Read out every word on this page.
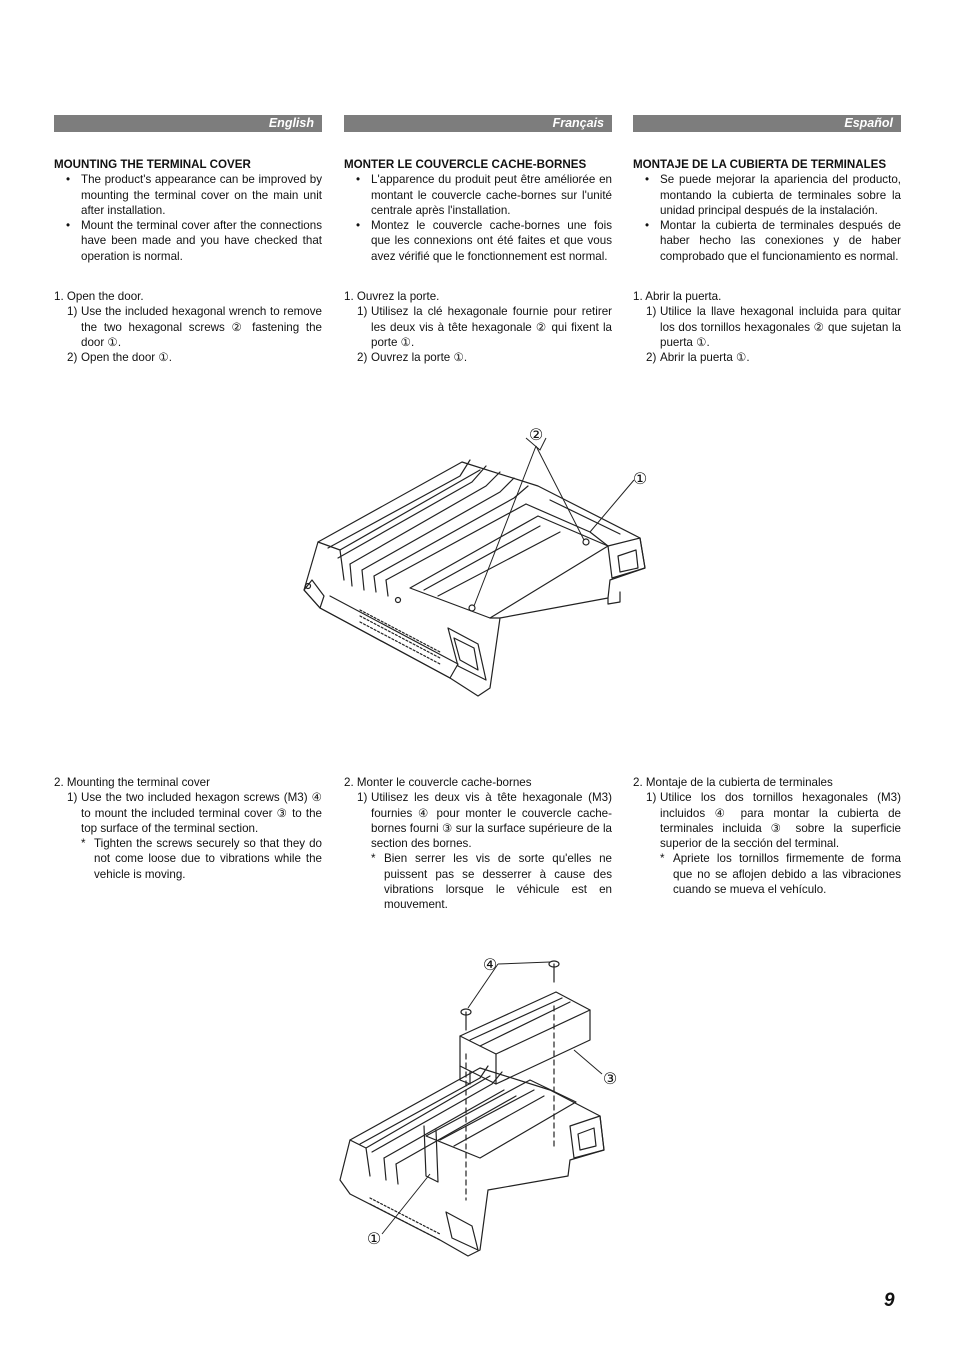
English

MOUNTING THE TERMINAL COVER

• The product's appearance can be improved by mounting the terminal cover on the main unit after installation.
• Mount the terminal cover after the connections have been made and you have checked that operation is normal.

1. Open the door.

1) Use the included hexagonal wrench to remove the two hexagonal screws ② fastening the door ①.
2) Open the door ①.

2. Mounting the terminal cover

1) Use the two included hexagon screws (M3) ④ to mount the included terminal cover ③ to the top surface of the terminal section.
* Tighten the screws securely so that they do not come loose due to vibrations while the vehicle is moving.
Français

MONTER LE COUVERCLE CACHE-BORNES

• L'apparence du produit peut être améliorée en montant le couvercle cache-bornes sur l'unité centrale après l'installation.
• Montez le couvercle cache-bornes une fois que les connexions ont été faites et que vous avez vérifié que le fonctionnement est normal.

1. Ouvrez la porte.

1) Utilisez la clé hexagonale fournie pour retirer les deux vis à tête hexagonale ② qui fixent la porte ①.
2) Ouvrez la porte ①.

2. Monter le couvercle cache-bornes

1) Utilisez les deux vis à tête hexagonale (M3) fournies ④ pour monter le couvercle cache-bornes fourni ③ sur la surface supérieure de la section des bornes.
* Bien serrer les vis de sorte qu'elles ne puissent pas se desserrer à cause des vibrations lorsque le véhicule est en mouvement.
Español

MONTAJE DE LA CUBIERTA DE TERMINALES

• Se puede mejorar la apariencia del producto, montando la cubierta de terminales sobre la unidad principal después de la instalación.
• Montar la cubierta de terminales después de haber hecho las conexiones y de haber comprobado que el funcionamiento es normal.

1. Abrir la puerta.

1) Utilice la llave hexagonal incluida para quitar los dos tornillos hexagonales ② que sujetan la puerta ①.
2) Abrir la puerta ①.

2. Montaje de la cubierta de terminales

1) Utilice los dos tornillos hexagonales (M3) incluidos ④ para montar la cubierta de terminales incluida ③ sobre la superficie superior de la sección del terminal.
* Apriete los tornillos firmemente de forma que no se aflojen debido a las vibraciones cuando se mueva el vehículo.
②
①
④
③
①
9
